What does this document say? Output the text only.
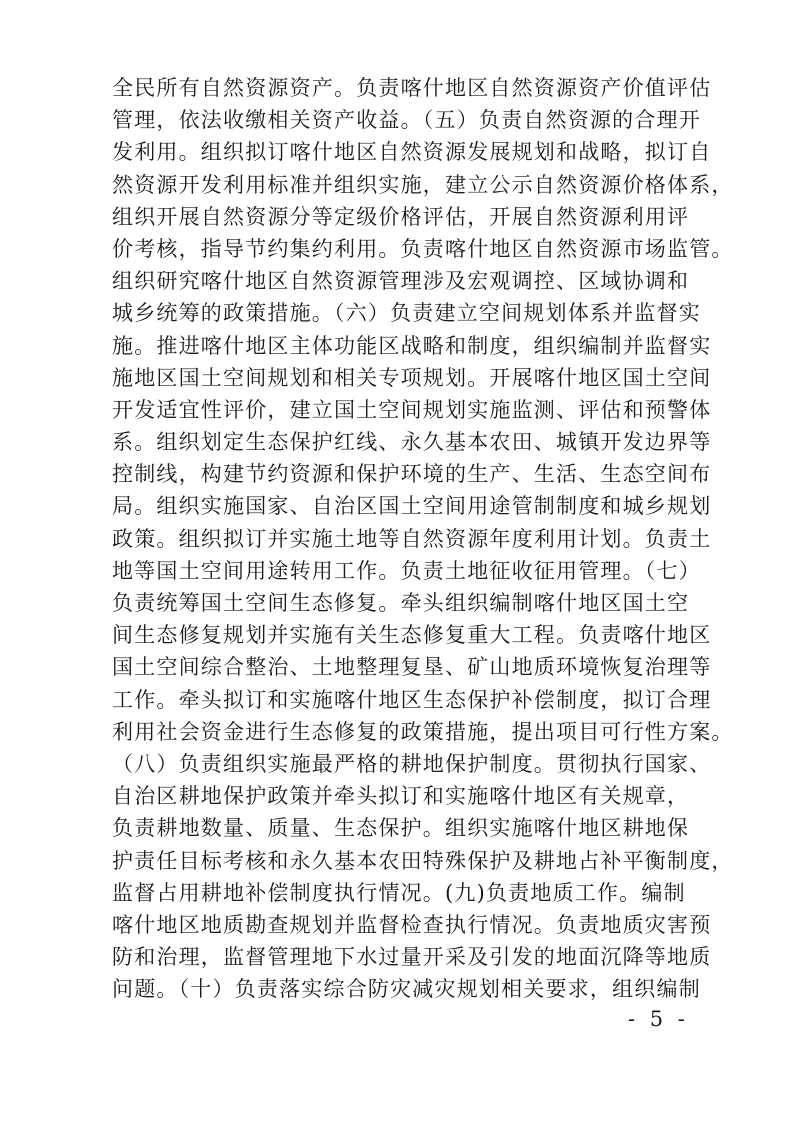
全民所有自然资源资产。负责喀什地区自然资源资产价值评估
管理，依法收缴相关资产收益。（五）负责自然资源的合理开
发利用。组织拟订喀什地区自然资源发展规划和战略，拟订自
然资源开发利用标准并组织实施，建立公示自然资源价格体系，
组织开展自然资源分等定级价格评估，开展自然资源利用评
价考核，指导节约集约利用。负责喀什地区自然资源市场监管。
组织研究喀什地区自然资源管理涉及宏观调控、区域协调和
城乡统筹的政策措施。（六）负责建立空间规划体系并监督实
施。推进喀什地区主体功能区战略和制度，组织编制并监督实
施地区国土空间规划和相关专项规划。开展喀什地区国土空间
开发适宜性评价，建立国土空间规划实施监测、评估和预警体
系。组织划定生态保护红线、永久基本农田、城镇开发边界等
控制线，构建节约资源和保护环境的生产、生活、生态空间布
局。组织实施国家、自治区国土空间用途管制制度和城乡规划
政策。组织拟订并实施土地等自然资源年度利用计划。负责土
地等国土空间用途转用工作。负责土地征收征用管理。（七）
负责统筹国土空间生态修复。牵头组织编制喀什地区国土空
间生态修复规划并实施有关生态修复重大工程。负责喀什地区
国土空间综合整治、土地整理复垦、矿山地质环境恢复治理等
工作。牵头拟订和实施喀什地区生态保护补偿制度，拟订合理
利用社会资金进行生态修复的政策措施，提出项目可行性方案。
（八）负责组织实施最严格的耕地保护制度。贯彻执行国家、
自治区耕地保护政策并牵头拟订和实施喀什地区有关规章，
负责耕地数量、质量、生态保护。组织实施喀什地区耕地保
护责任目标考核和永久基本农田特殊保护及耕地占补平衡制度，
监督占用耕地补偿制度执行情况。(九)负责地质工作。编制
喀什地区地质勘查规划并监督检查执行情况。负责地质灾害预
防和治理，监督管理地下水过量开采及引发的地面沉降等地质
问题。（十）负责落实综合防灾减灾规划相关要求，组织编制
- 5 -
